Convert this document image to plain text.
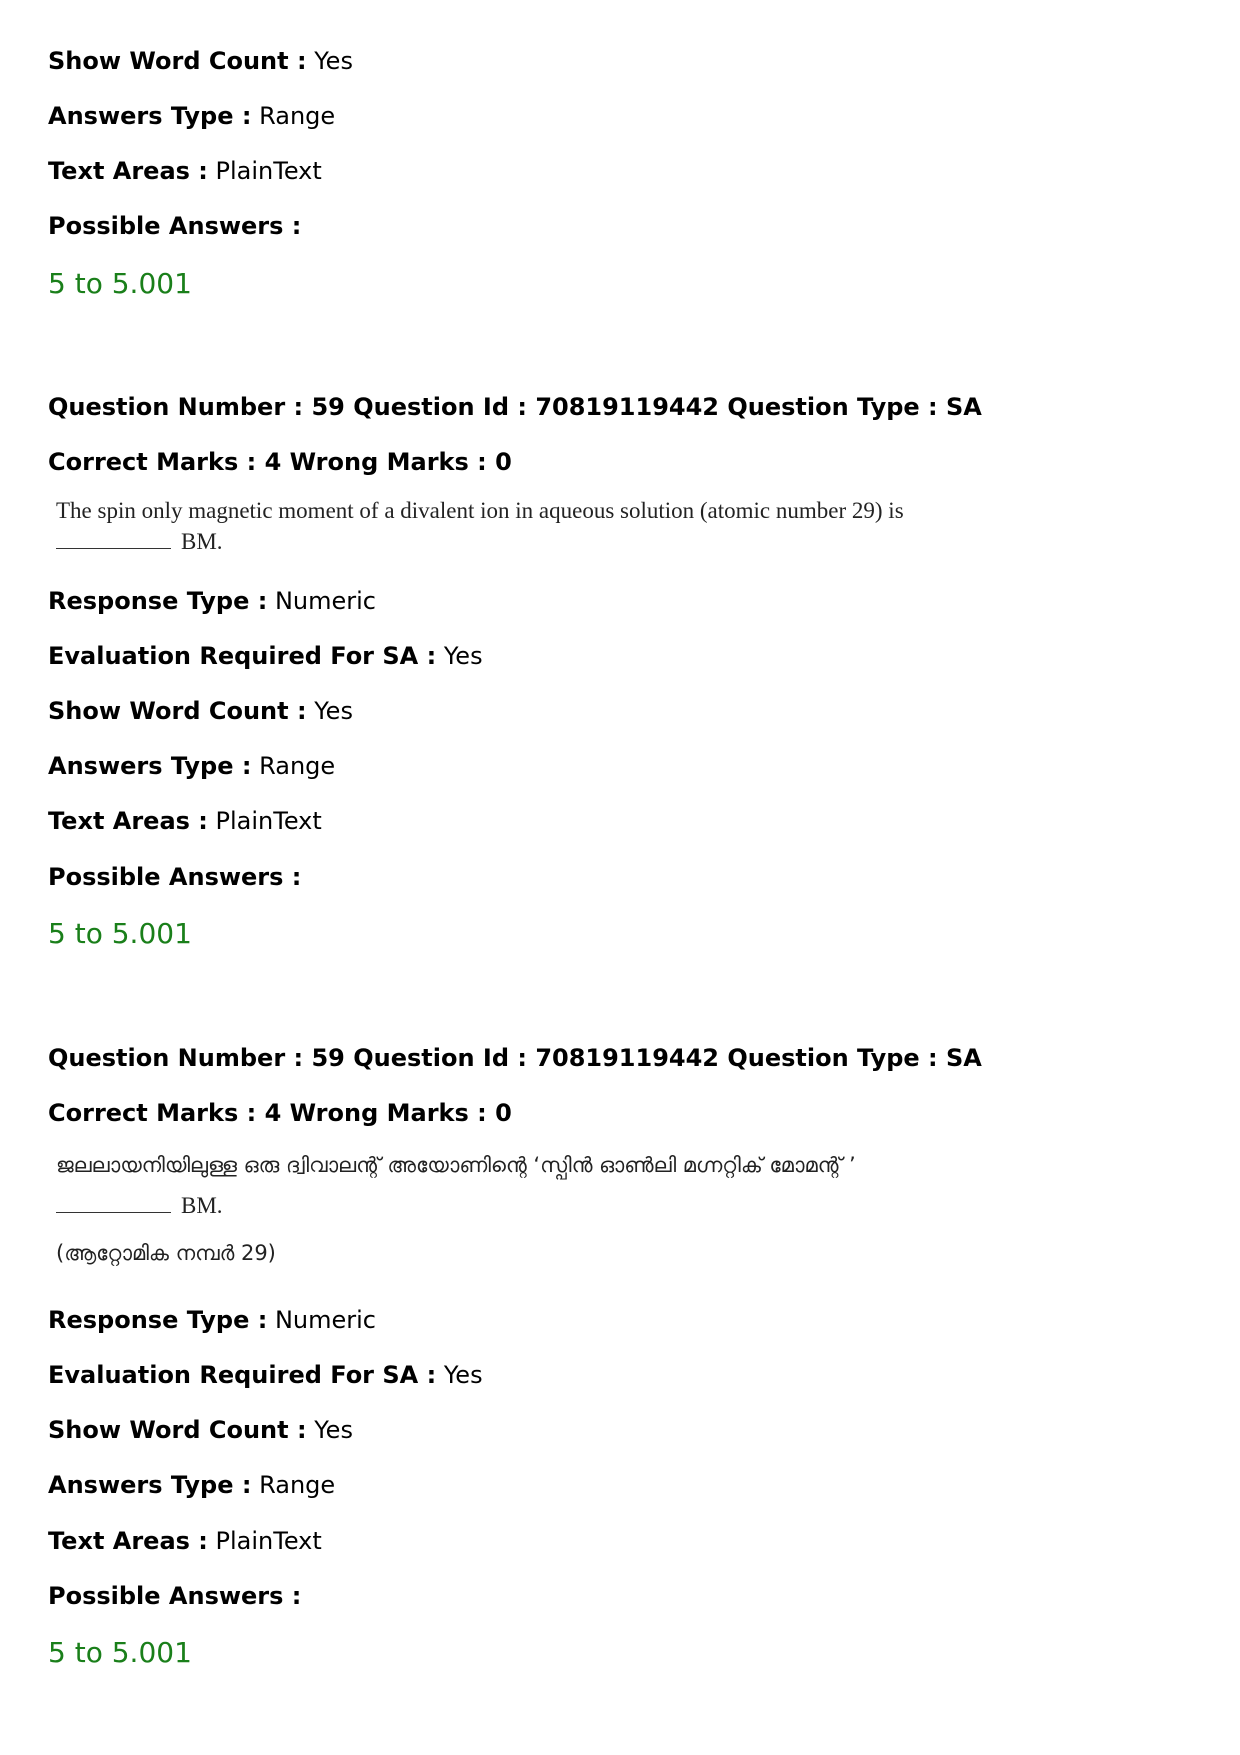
Show Word Count : Yes
Answers Type : Range
Text Areas : PlainText
Possible Answers :
5 to 5.001
Question Number : 59 Question Id : 70819119442 Question Type : SA
Correct Marks : 4 Wrong Marks : 0
The spin only magnetic moment of a divalent ion in aqueous solution (atomic number 29) is
BM.
Response Type : Numeric
Evaluation Required For SA : Yes
Show Word Count : Yes
Answers Type : Range
Text Areas : PlainText
Possible Answers :
5 to 5.001
Question Number : 59 Question Id : 70819119442 Question Type : SA
Correct Marks : 4 Wrong Marks : 0
ജലലായനിയിലുള്ള ഒരു ദ്വിവാലന്റ് അയോണിന്റെ ‘സ്പിൻ ഓൺലി മഗ്നറ്റിക് മോമന്റ് ’
BM.
(ആറ്റോമിക നമ്പർ 29)
Response Type : Numeric
Evaluation Required For SA : Yes
Show Word Count : Yes
Answers Type : Range
Text Areas : PlainText
Possible Answers :
5 to 5.001
